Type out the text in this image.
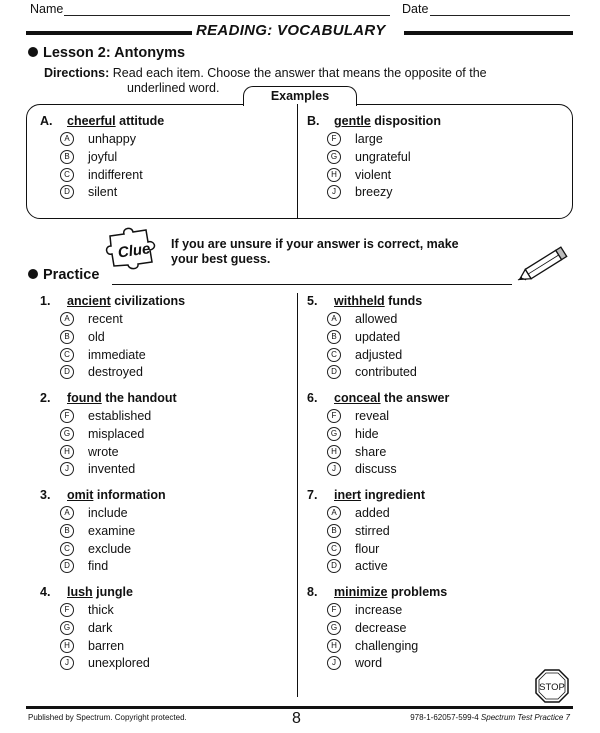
Name	Date
READING: VOCABULARY
Lesson 2: Antonyms
Directions: Read each item. Choose the answer that means the opposite of the
underlined word.
Examples
A. cheerful attitude
A	unhappy
B	joyful
C	indifferent
D	silent
B. gentle disposition
F	large
G	ungrateful
H	violent
J	breezy
Clue If you are unsure if your answer is correct, make
your best guess.
Practice
1. ancient civilizations
A	recent
B	old
C	immediate
D	destroyed
2. found the handout
F	established
G	misplaced
H	wrote
J	invented
3. omit information
A	include
B	examine
C	exclude
D	find
4. lush jungle
F	thick
G	dark
H	barren
J	unexplored
5. withheld funds
A	allowed
B	updated
C	adjusted
D	contributed
6. conceal the answer
F	reveal
G	hide
H	share
J	discuss
7. inert ingredient
A	added
B	stirred
C	flour
D	active
8. minimize problems
F	increase
G	decrease
H	challenging
J	word
STOP
Published by Spectrum. Copyright protected.	8	978-1-62057-599-4 Spectrum Test Practice 7
